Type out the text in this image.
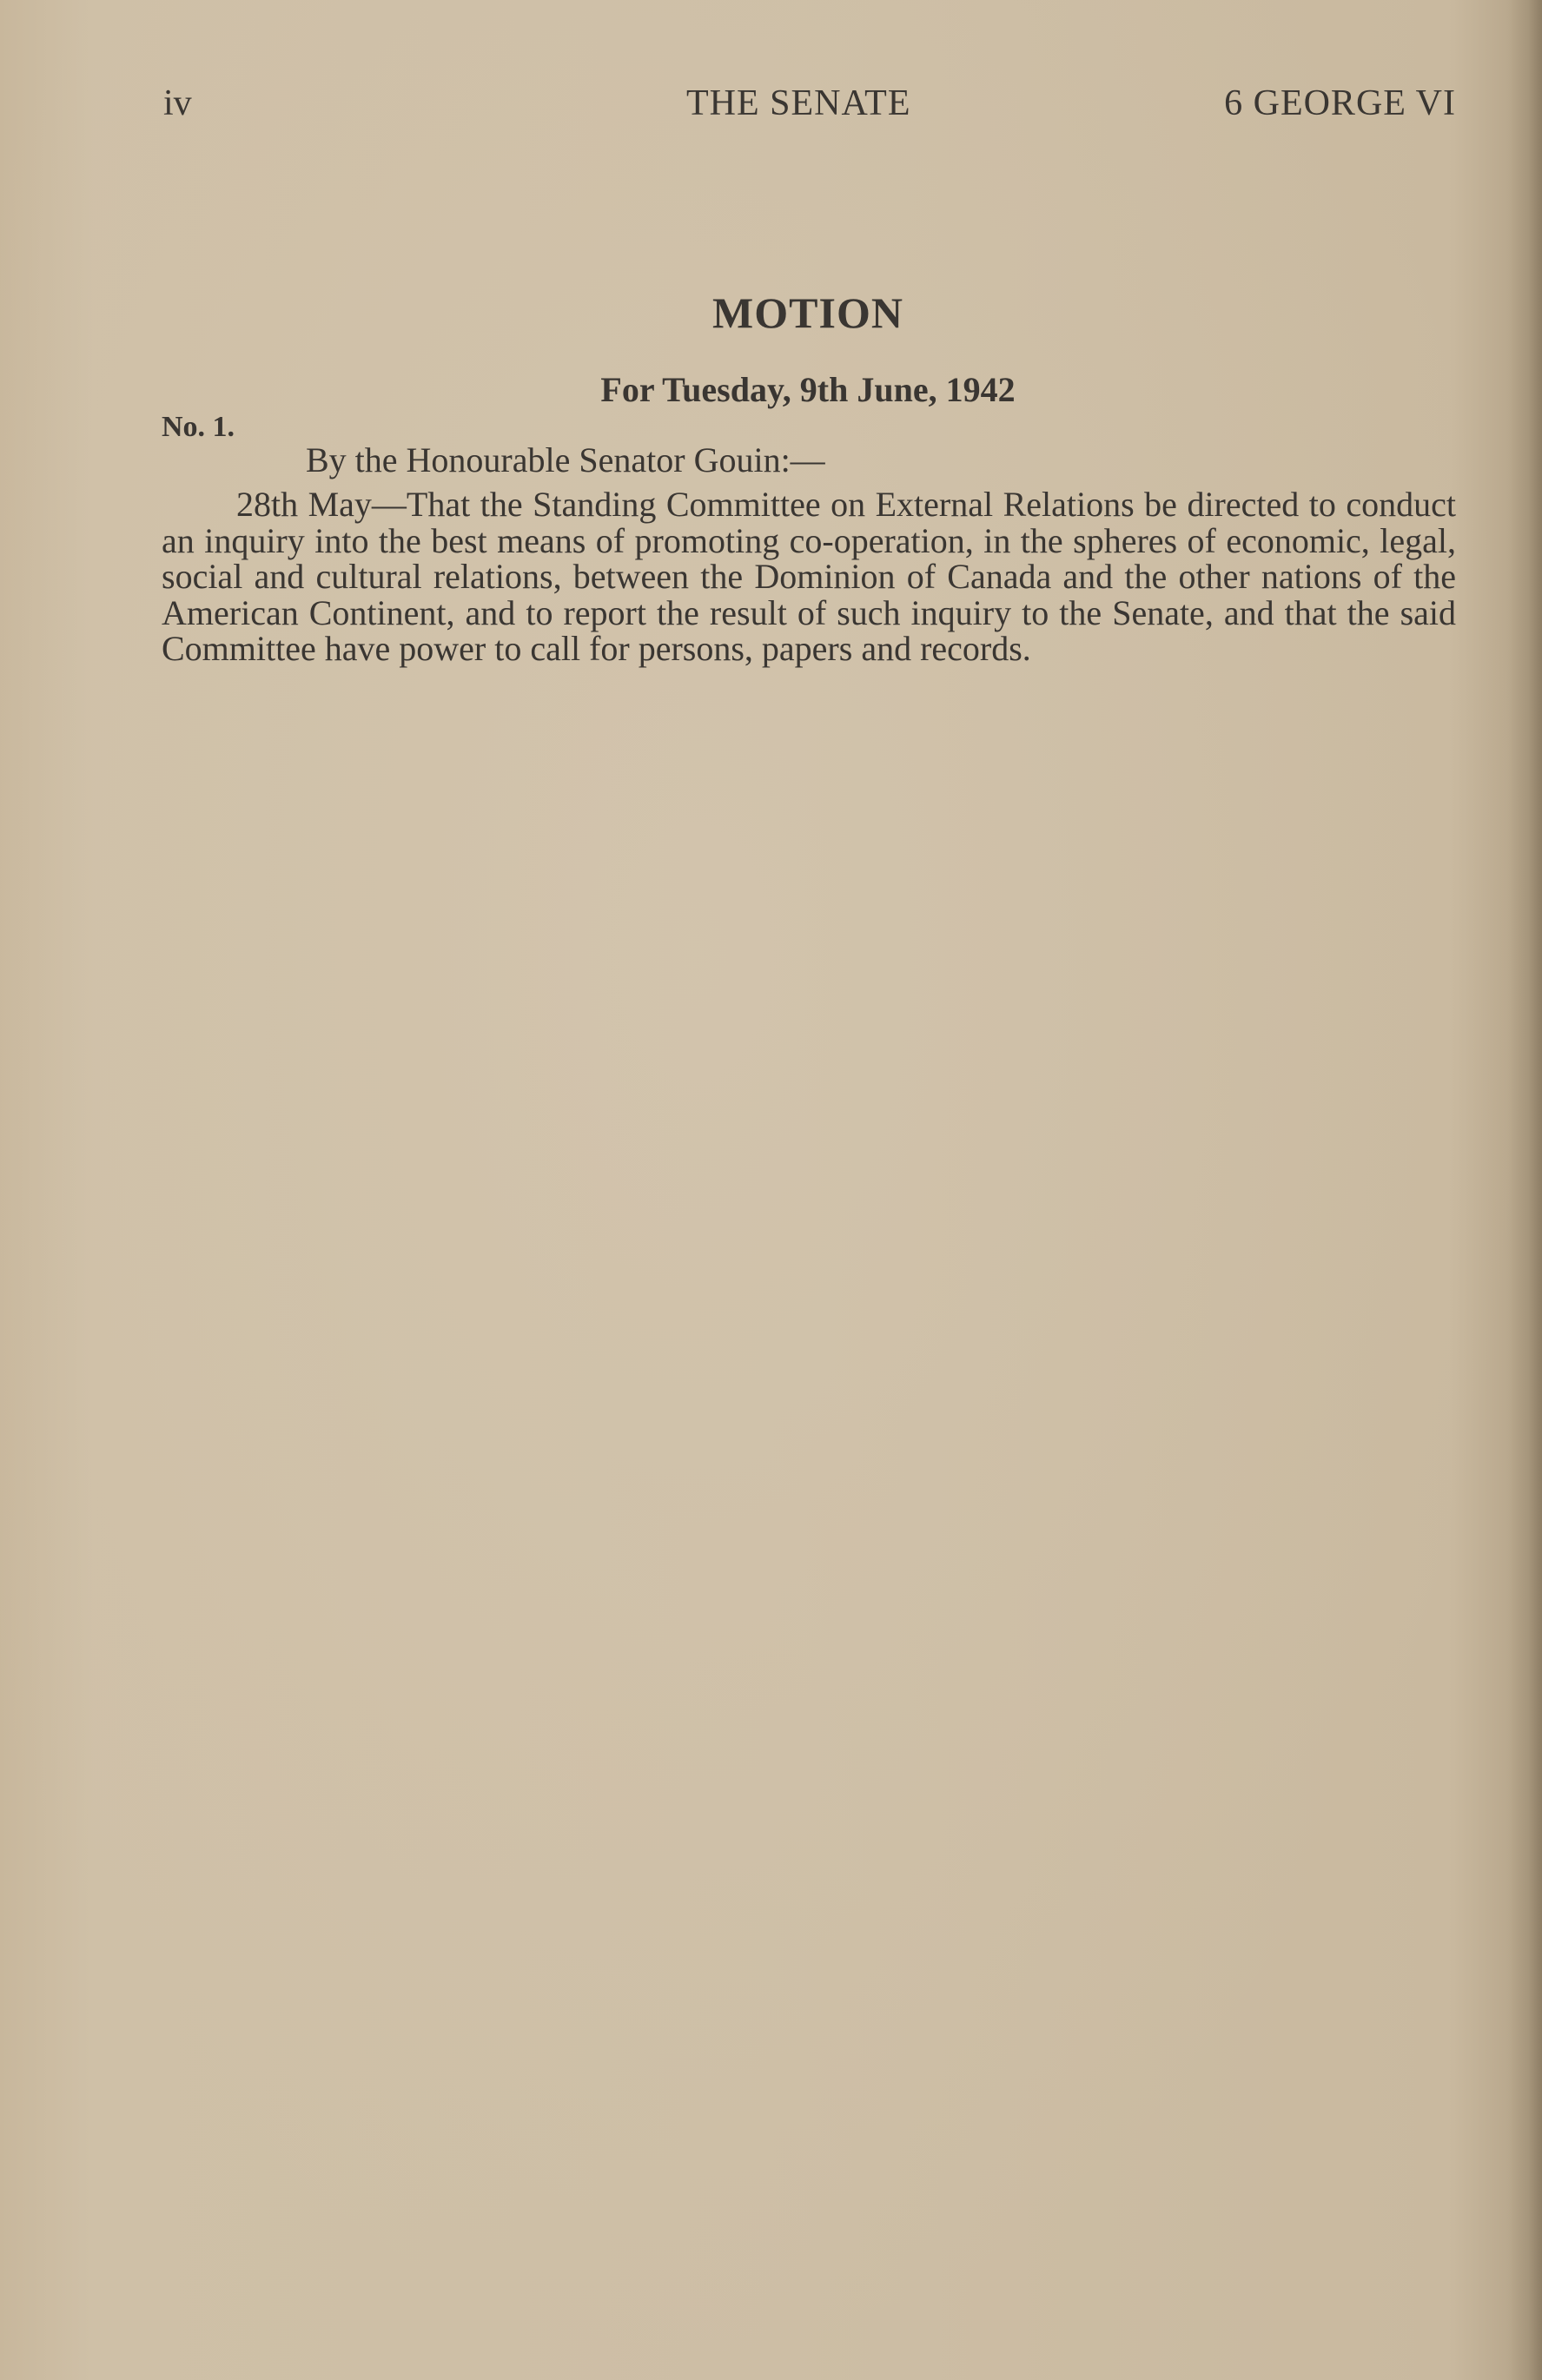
iv	THE SENATE	6 GEORGE VI
MOTION
For Tuesday, 9th June, 1942
No. 1.
By the Honourable Senator Gouin:—

28th May—That the Standing Committee on External Relations be directed to conduct an inquiry into the best means of promoting co-operation, in the spheres of economic, legal, social and cultural relations, between the Dominion of Canada and the other nations of the American Continent, and to report the result of such inquiry to the Senate, and that the said Committee have power to call for persons, papers and records.
